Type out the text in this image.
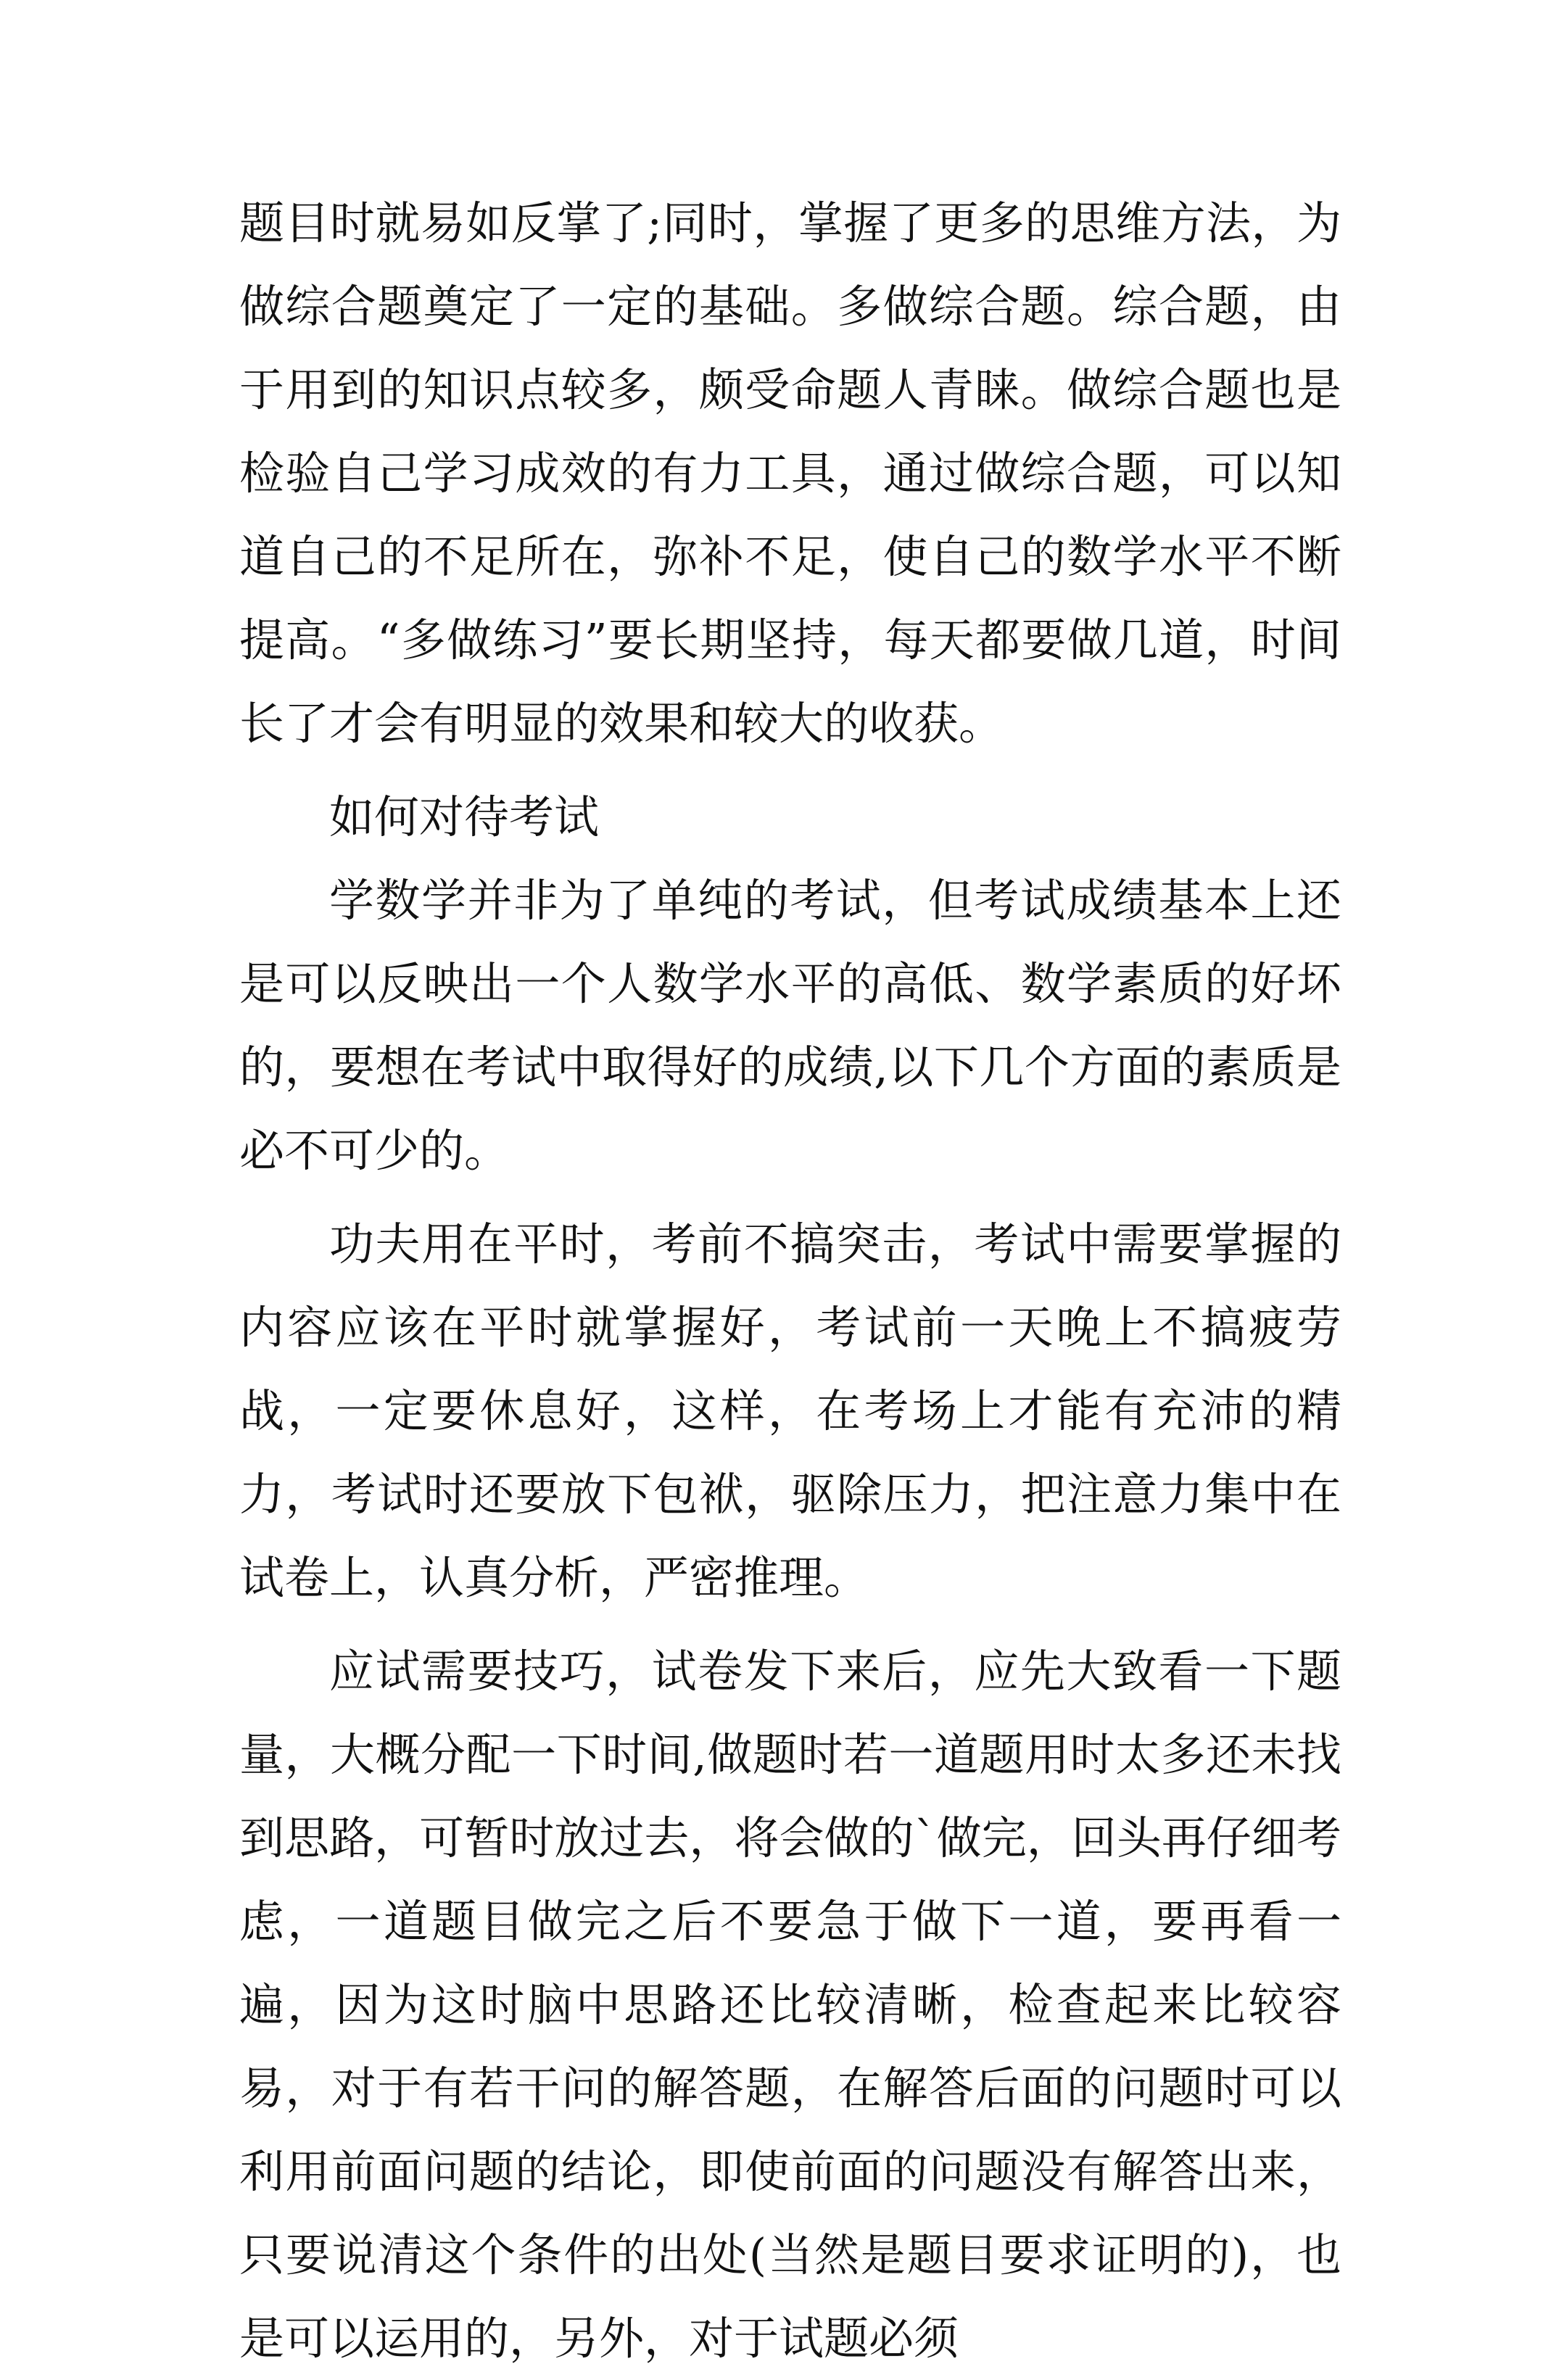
题目时就易如反掌了;同时，掌握了更多的思维方法，为做综合题奠定了一定的基础。多做综合题。综合题，由于用到的知识点较多，颇受命题人青睐。做综合题也是检验自己学习成效的有力工具，通过做综合题，可以知道自己的不足所在，弥补不足，使自己的数学水平不断提高。“多做练习”要长期坚持，每天都要做几道，时间长了才会有明显的效果和较大的收获。

如何对待考试

学数学并非为了单纯的考试，但考试成绩基本上还是可以反映出一个人数学水平的高低、数学素质的好坏的，要想在考试中取得好的成绩,以下几个方面的素质是必不可少的。

功夫用在平时，考前不搞突击，考试中需要掌握的内容应该在平时就掌握好，考试前一天晚上不搞疲劳战，一定要休息好，这样，在考场上才能有充沛的精力，考试时还要放下包袱，驱除压力，把注意力集中在试卷上，认真分析，严密推理。

应试需要技巧，试卷发下来后，应先大致看一下题量，大概分配一下时间,做题时若一道题用时太多还未找到思路，可暂时放过去，将会做的`做完，回头再仔细考虑，一道题目做完之后不要急于做下一道，要再看一遍，因为这时脑中思路还比较清晰，检查起来比较容易，对于有若干问的解答题，在解答后面的问题时可以利用前面问题的结论，即使前面的问题没有解答出来，只要说清这个条件的出处(当然是题目要求证明的)，也是可以运用的，另外，对于试题必须
